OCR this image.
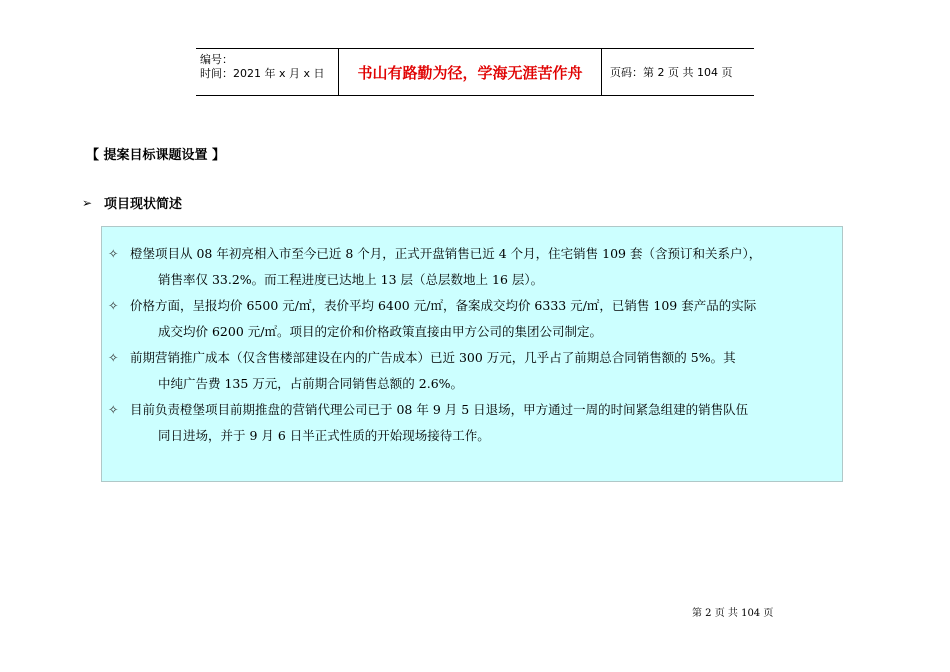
编号：
时间：2021 年 x 月 x 日	书山有路勤为径，学海无涯苦作舟	页码：第 2 页 共 104 页
【 提案目标课题设置 】
➢ 项目现状简述
✧ 橙堡项目从 08 年初亮相入市至今已近 8 个月，正式开盘销售已近 4 个月，住宅销售 109 套（含预订和关系户），
销售率仅 33.2%。而工程进度已达地上 13 层（总层数地上 16 层）。
✧ 价格方面，呈报均价 6500 元/㎡，表价平均 6400 元/㎡，备案成交均价 6333 元/㎡，已销售 109 套产品的实际
成交均价 6200 元/㎡。项目的定价和价格政策直接由甲方公司的集团公司制定。
✧ 前期营销推广成本（仅含售楼部建设在内的广告成本）已近 300 万元，几乎占了前期总合同销售额的 5%。其
中纯广告费 135 万元，占前期合同销售总额的 2.6%。
✧ 目前负责橙堡项目前期推盘的营销代理公司已于 08 年 9 月 5 日退场，甲方通过一周的时间紧急组建的销售队伍
同日进场，并于 9 月 6 日半正式性质的开始现场接待工作。
第 2 页 共 104 页
